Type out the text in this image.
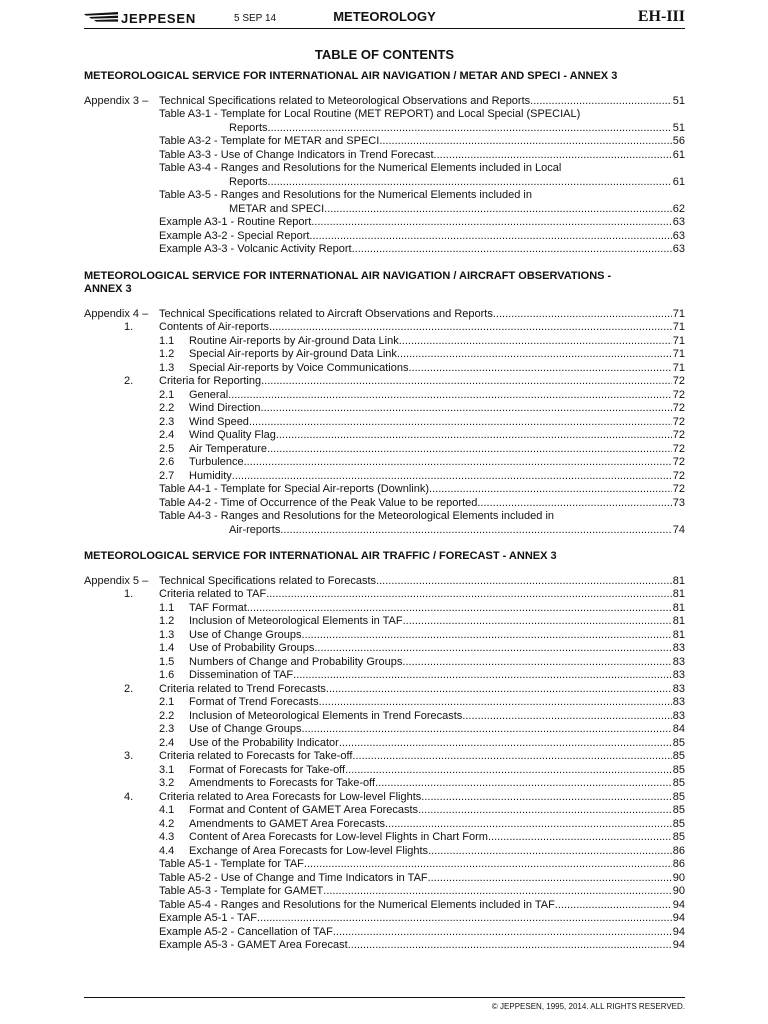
JEPPESEN	5 SEP 14	METEOROLOGY	EH-III
TABLE OF CONTENTS
METEOROLOGICAL SERVICE FOR INTERNATIONAL AIR NAVIGATION / METAR AND SPECI - ANNEX 3
Appendix 3 – Technical Specifications related to Meteorological Observations and Reports .....	51
Table A3-1 - Template for Local Routine (MET REPORT) and Local Special (SPECIAL)
Reports .....	51
Table A3-2 - Template for METAR and SPECI .....	56
Table A3-3 - Use of Change Indicators in Trend Forecast .....	61
Table A3-4 - Ranges and Resolutions for the Numerical Elements included in Local
Reports .....	61
Table A3-5 - Ranges and Resolutions for the Numerical Elements included in
METAR and SPECI .....	62
Example A3-1 - Routine Report .....	63
Example A3-2 - Special Report .....	63
Example A3-3 - Volcanic Activity Report .....	63
METEOROLOGICAL SERVICE FOR INTERNATIONAL AIR NAVIGATION / AIRCRAFT OBSERVATIONS -
ANNEX 3
Appendix 4 – Technical Specifications related to Aircraft Observations and Reports .....	71
1.	Contents of Air-reports .....	71
1.1	Routine Air-reports by Air-ground Data Link .....	71
1.2	Special Air-reports by Air-ground Data Link .....	71
1.3	Special Air-reports by Voice Communications .....	71
2.	Criteria for Reporting .....	72
2.1	General .....	72
2.2	Wind Direction .....	72
2.3	Wind Speed .....	72
2.4	Wind Quality Flag .....	72
2.5	Air Temperature .....	72
2.6	Turbulence .....	72
2.7	Humidity .....	72
Table A4-1 - Template for Special Air-reports (Downlink) .....	72
Table A4-2 - Time of Occurrence of the Peak Value to be reported .....	73
Table A4-3 - Ranges and Resolutions for the Meteorological Elements included in
Air-reports .....	74
METEOROLOGICAL SERVICE FOR INTERNATIONAL AIR TRAFFIC / FORECAST - ANNEX 3
Appendix 5 – Technical Specifications related to Forecasts .....	81
1.	Criteria related to TAF .....	81
1.1	TAF Format .....	81
1.2	Inclusion of Meteorological Elements in TAF .....	81
1.3	Use of Change Groups .....	81
1.4	Use of Probability Groups .....	83
1.5	Numbers of Change and Probability Groups .....	83
1.6	Dissemination of TAF .....	83
2.	Criteria related to Trend Forecasts .....	83
2.1	Format of Trend Forecasts .....	83
2.2	Inclusion of Meteorological Elements in Trend Forecasts .....	83
2.3	Use of Change Groups .....	84
2.4	Use of the Probability Indicator .....	85
3.	Criteria related to Forecasts for Take-off .....	85
3.1	Format of Forecasts for Take-off .....	85
3.2	Amendments to Forecasts for Take-off .....	85
4.	Criteria related to Area Forecasts for Low-level Flights .....	85
4.1	Format and Content of GAMET Area Forecasts .....	85
4.2	Amendments to GAMET Area Forecasts .....	85
4.3	Content of Area Forecasts for Low-level Flights in Chart Form .....	85
4.4	Exchange of Area Forecasts for Low-level Flights .....	86
Table A5-1 - Template for TAF .....	86
Table A5-2 - Use of Change and Time Indicators in TAF .....	90
Table A5-3 - Template for GAMET .....	90
Table A5-4 - Ranges and Resolutions for the Numerical Elements included in TAF .....	94
Example A5-1 - TAF .....	94
Example A5-2 - Cancellation of TAF .....	94
Example A5-3 - GAMET Area Forecast .....	94
© JEPPESEN, 1995, 2014. ALL RIGHTS RESERVED.
